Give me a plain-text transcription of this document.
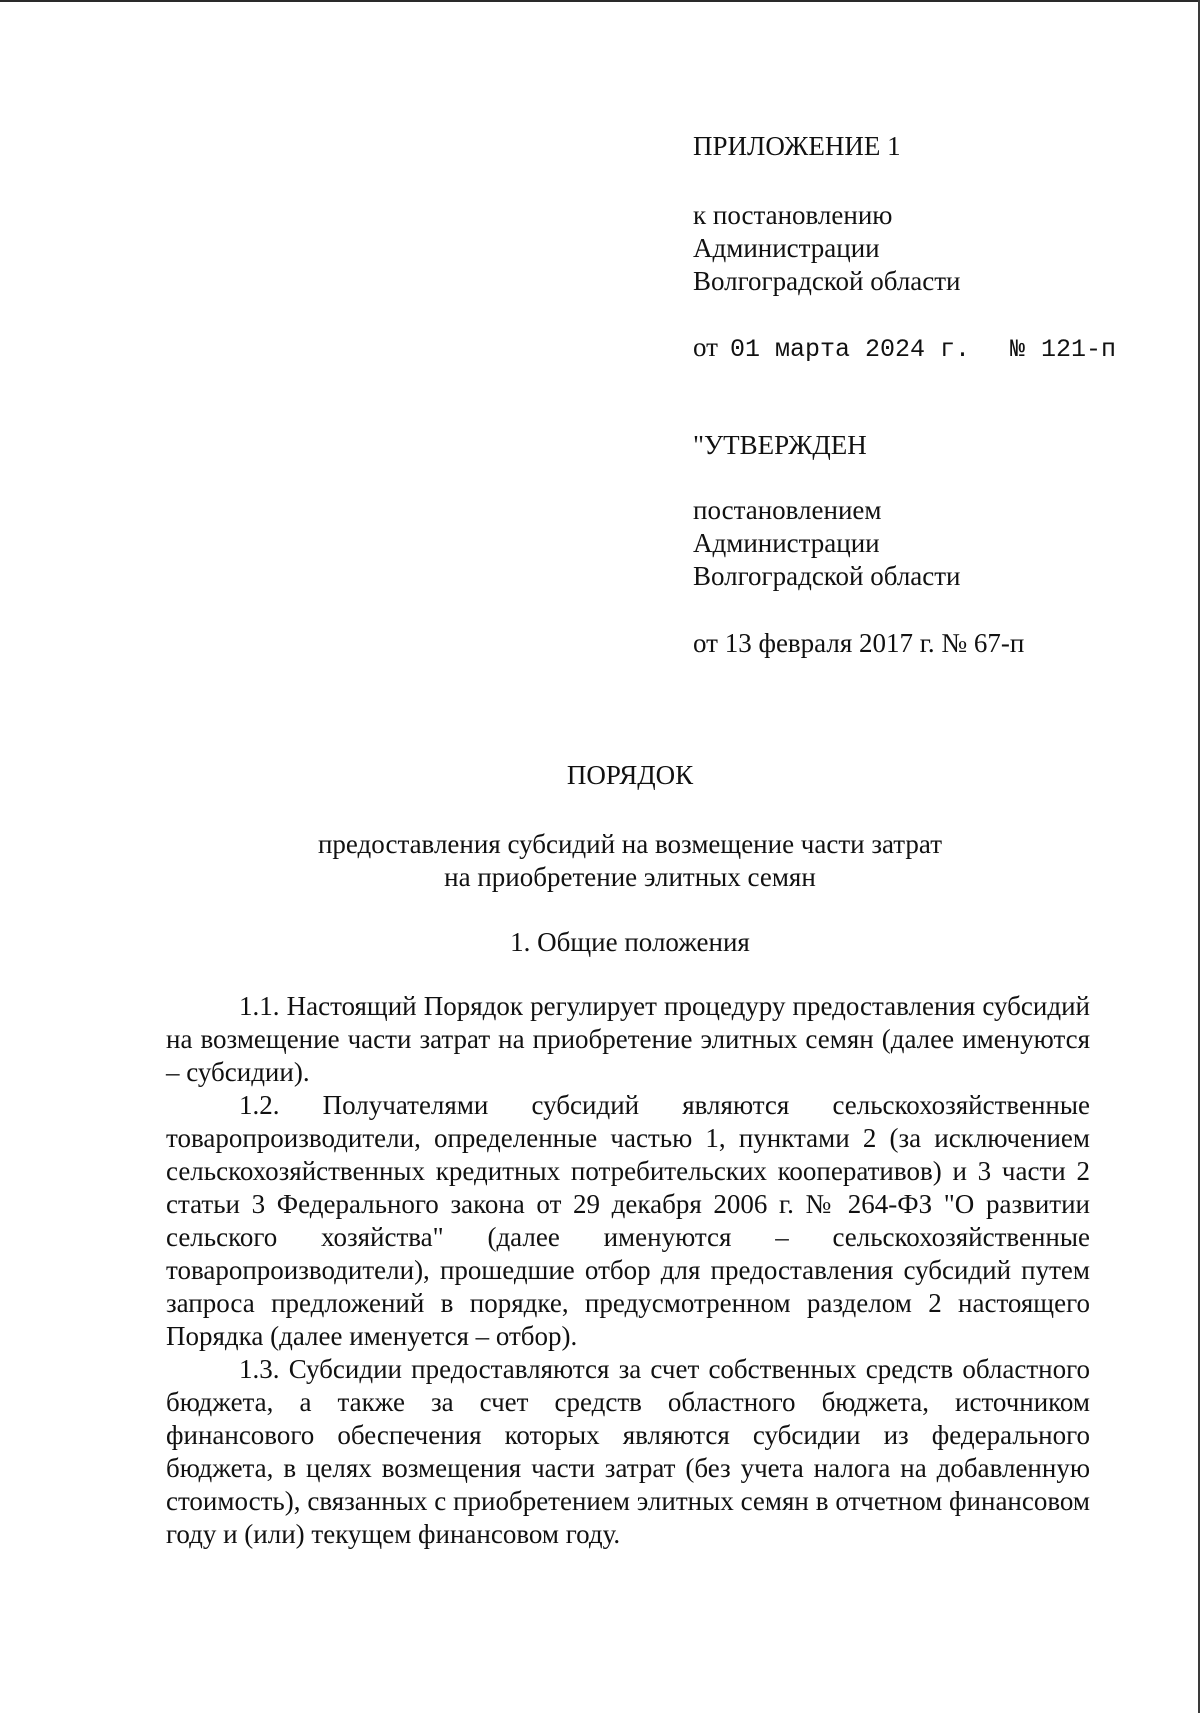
ПРИЛОЖЕНИЕ 1
к постановлению
Администрации
Волгоградской области
от 01 марта 2024 г. № 121-п
"УТВЕРЖДЕН
постановлением
Администрации
Волгоградской области
от 13 февраля 2017 г. № 67-п
ПОРЯДОК
предоставления субсидий на возмещение части затрат
на приобретение элитных семян
1. Общие положения

1.1. Настоящий Порядок регулирует процедуру предоставления субсидий на возмещение части затрат на приобретение элитных семян (далее именуются – субсидии).

1.2. Получателями субсидий являются сельскохозяйственные товаропроизводители, определенные частью 1, пунктами 2 (за исключением сельскохозяйственных кредитных потребительских кооперативов) и 3 части 2 статьи 3 Федерального закона от 29 декабря 2006 г. № 264-ФЗ "О развитии сельского хозяйства" (далее именуются – сельскохозяйственные товаропроизводители), прошедшие отбор для предоставления субсидий путем запроса предложений в порядке, предусмотренном разделом 2 настоящего Порядка (далее именуется – отбор).

1.3. Субсидии предоставляются за счет собственных средств областного бюджета, а также за счет средств областного бюджета, источником финансового обеспечения которых являются субсидии из федерального бюджета, в целях возмещения части затрат (без учета налога на добавленную стоимость), связанных с приобретением элитных семян в отчетном финансовом году и (или) текущем финансовом году.
